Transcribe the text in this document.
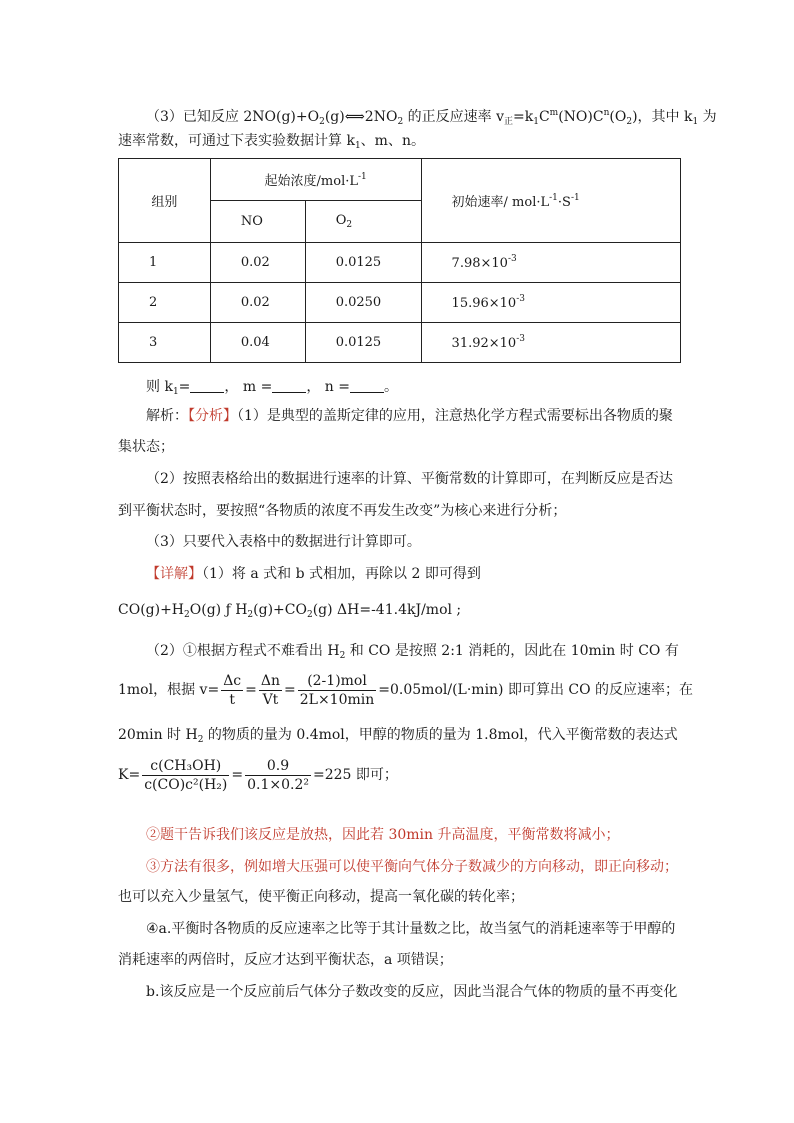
（3）已知反应 $2NO(g)+O_2(g)⟺2NO_2$ 的正反应速率 $v_正=k_1C^m(NO)C^n(O_2)$，其中 $k_1$ 为
速率常数，可通过下表实验数据计算 $k_1$、m、n。
组别	起始浓度$/mol\cdot L^{-1}$		初始速率/ $mol\cdot L^{-1}\cdot S^{-1}$
	NO	$O_2$
1	0.02	0.0125	$7.98\times 10^{-3}$
2	0.02	0.0250	$15.96\times 10^{-3}$
3	0.04	0.0125	$31.92\times 10^{-3}$
则 $k_1=$ ， m = ， n = 。
解析：【分析】（1）是典型的盖斯定律的应用，注意热化学方程式需要标出各物质的聚
集状态；
（2）按照表格给出的数据进行速率的计算、平衡常数的计算即可，在判断反应是否达
到平衡状态时，要按照“各物质的浓度不再发生改变”为核心来进行分析；
（3）只要代入表格中的数据进行计算即可。
【详解】（1）将 a 式和 b 式相加，再除以 2 即可得到
$CO(g)+H_2O(g)$ ƒ $H_2(g)+CO_2(g)$ ΔH=-41.4kJ/mol ;
（2）①根据方程式不难看出 $H_2$ 和 CO 是按照 2:1 消耗的，因此在 10min 时 CO 有
1mol，根据 $v= \frac{\Delta c}{t} = \frac{\Delta n}{Vt} = \frac{\text{(2-1)mol}}{2L\times 10\min} =0.05mol/(L\cdot\min)$ 即可算出 CO 的反应速率；在
20min 时 $H_2$ 的物质的量为 0.4mol，甲醇的物质的量为 1.8mol，代入平衡常数的表达式
$K= \frac{\text{c(CH₃OH)}}{\text{c(CO)c²(H₂)}} = \frac{0.9}{\text{0.1×0.2²}} =225$ 即可；
②题干告诉我们该反应是放热，因此若 30min 升高温度，平衡常数将减小；
③方法有很多，例如增大压强可以使平衡向气体分子数减少的方向移动，即正向移动；
也可以充入少量氢气，使平衡正向移动，提高一氧化碳的转化率；
④a.平衡时各物质的反应速率之比等于其计量数之比，故当氢气的消耗速率等于甲醇的
消耗速率的两倍时，反应才达到平衡状态，a 项错误；
b.该反应是一个反应前后气体分子数改变的反应，因此当混合气体的物质的量不再变化
